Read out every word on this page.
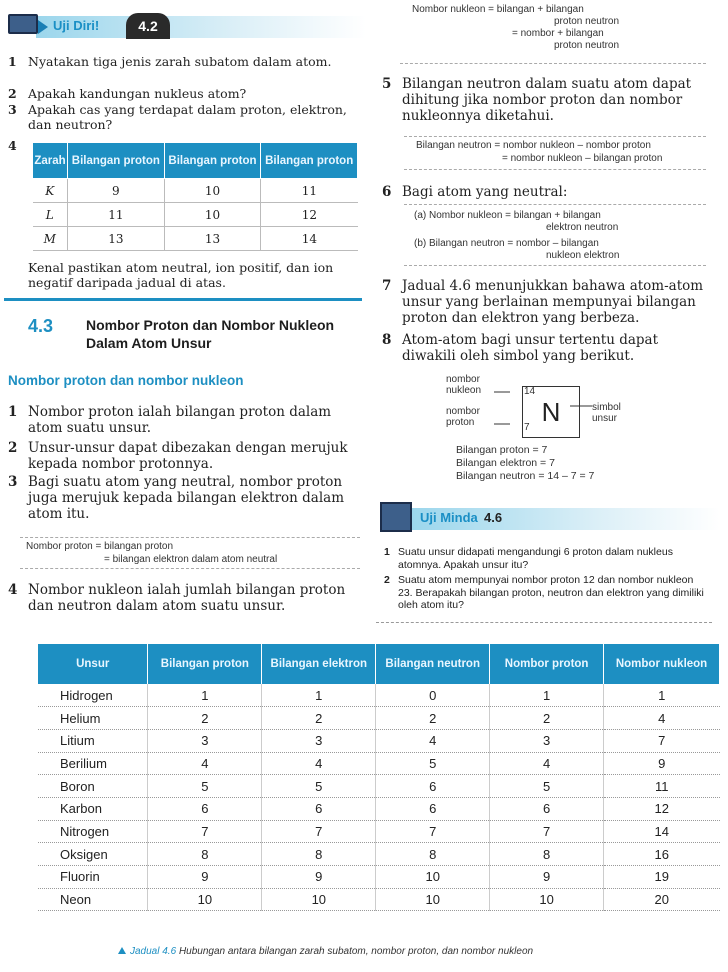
Uji Diri!	4.2
1 Nyatakan tiga jenis zarah subatom dalam atom.
2 Apakah kandungan nukleus atom?
3 Apakah cas yang terdapat dalam proton, elektron, dan neutron?
4
Zarah	Bilangan proton	Bilangan proton	Bilangan proton
K	9	10	11
L	11	10	12
M	13	13	14
Kenal pastikan atom neutral, ion positif, dan ion negatif daripada jadual di atas.
4.3 Nombor Proton dan Nombor Nukleon Dalam Atom Unsur
Nombor proton dan nombor nukleon
1 Nombor proton ialah bilangan proton dalam atom suatu unsur.
2 Unsur-unsur dapat dibezakan dengan merujuk kepada nombor protonnya.
3 Bagi suatu atom yang neutral, nombor proton juga merujuk kepada bilangan elektron dalam atom itu.
Nombor proton = bilangan proton
= bilangan elektron dalam atom neutral
4 Nombor nukleon ialah jumlah bilangan proton dan neutron dalam atom suatu unsur.
Nombor nukleon = bilangan + bilangan
proton neutron
= nombor + bilangan
proton neutron
5 Bilangan neutron dalam suatu atom dapat dihitung jika nombor proton dan nombor nukleonnya diketahui.
Bilangan neutron = nombor nukleon – nombor proton
= nombor nukleon – bilangan proton
6 Bagi atom yang neutral:
(a) Nombor nukleon = bilangan + bilangan
elektron neutron
(b) Bilangan neutron = nombor – bilangan
nukleon elektron
7 Jadual 4.6 menunjukkan bahawa atom-atom unsur yang berlainan mempunyai bilangan proton dan elektron yang berbeza.
8 Atom-atom bagi unsur tertentu dapat diwakili oleh simbol yang berikut.
nombor nukleon
nombor proton
simbol unsur
N
14
7
Bilangan proton = 7
Bilangan elektron = 7
Bilangan neutron = 14 – 7 = 7
Uji Minda 4.6
1 Suatu unsur didapati mengandungi 6 proton dalam nukleus atomnya. Apakah unsur itu?
2 Suatu atom mempunyai nombor proton 12 dan nombor nukleon 23. Berapakah bilangan proton, neutron dan elektron yang dimiliki oleh atom itu?
Unsur	Bilangan proton	Bilangan elektron	Bilangan neutron	Nombor proton	Nombor nukleon
Hidrogen	1	1	0	1	1
Helium	2	2	2	2	4
Litium	3	3	4	3	7
Berilium	4	4	5	4	9
Boron	5	5	6	5	11
Karbon	6	6	6	6	12
Nitrogen	7	7	7	7	14
Oksigen	8	8	8	8	16
Fluorin	9	9	10	9	19
Neon	10	10	10	10	20
Jadual 4.6 Hubungan antara bilangan zarah subatom, nombor proton, dan nombor nukleon
